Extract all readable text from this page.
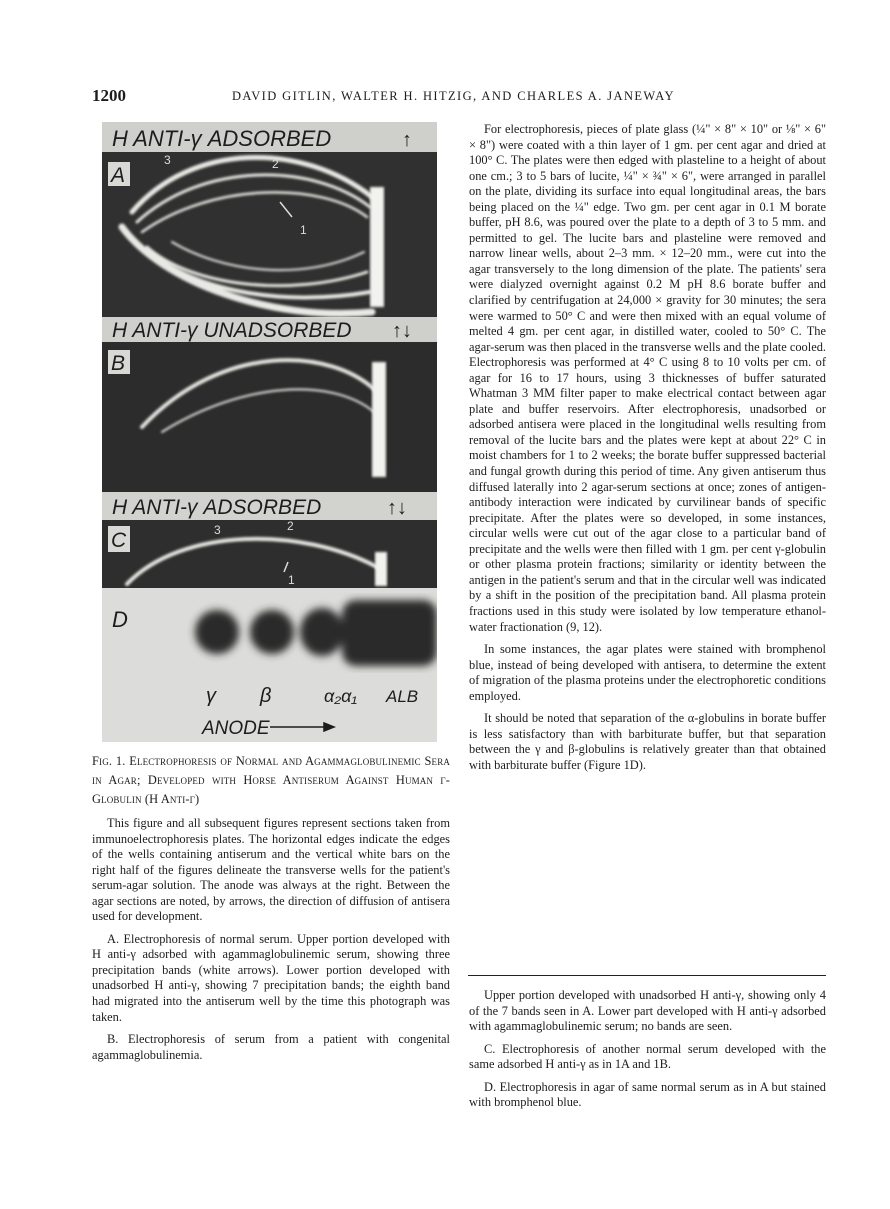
1200	DAVID GITLIN, WALTER H. HITZIG, AND CHARLES A. JANEWAY
H ANTI-γ ADSORBED	↑
H ANTI-γ UNADSORBED ↑↓
H ANTI-γ ADSORBED	↑↓
A
B
C
D
3	2
1
3	2
1
γ β	α₂α₁ ALB
ANODE
Fig. 1. Electrophoresis of Normal and Agammaglobulinemic Sera in Agar; Developed with Horse Antiserum Against Human γ-Globulin (H Anti-γ)

This figure and all subsequent figures represent sections taken from immunoelectrophoresis plates. The horizontal edges indicate the edges of the wells containing antiserum and the vertical white bars on the right half of the figures delineate the transverse wells for the patient's serum-agar solution. The anode was always at the right. Between the agar sections are noted, by arrows, the direction of diffusion of antisera used for development.

A. Electrophoresis of normal serum. Upper portion developed with H anti-γ adsorbed with agammaglobulinemic serum, showing three precipitation bands (white arrows). Lower portion developed with unadsorbed H anti-γ, showing 7 precipitation bands; the eighth band had migrated into the antiserum well by the time this photograph was taken.

B. Electrophoresis of serum from a patient with congenital agammaglobulinemia.

For electrophoresis, pieces of plate glass (¼" × 8" × 10" or ⅛" × 6" × 8") were coated with a thin layer of 1 gm. per cent agar and dried at 100° C. The plates were then edged with plasteline to a height of about one cm.; 3 to 5 bars of lucite, ¼" × ¾" × 6", were arranged in parallel on the plate, dividing its surface into equal longitudinal areas, the bars being placed on the ¼" edge. Two gm. per cent agar in 0.1 M borate buffer, pH 8.6, was poured over the plate to a depth of 3 to 5 mm. and permitted to gel. The lucite bars and plasteline were removed and narrow linear wells, about 2–3 mm. × 12–20 mm., were cut into the agar transversely to the long dimension of the plate. The patients' sera were dialyzed overnight against 0.2 M pH 8.6 borate buffer and clarified by centrifugation at 24,000 × gravity for 30 minutes; the sera were warmed to 50° C and were then mixed with an equal volume of melted 4 gm. per cent agar, in distilled water, cooled to 50° C. The agar-serum was then placed in the transverse wells and the plate cooled. Electrophoresis was performed at 4° C using 8 to 10 volts per cm. of agar for 16 to 17 hours, using 3 thicknesses of buffer saturated Whatman 3 MM filter paper to make electrical contact between agar plate and buffer reservoirs. After electrophoresis, unadsorbed or adsorbed antisera were placed in the longitudinal wells resulting from removal of the lucite bars and the plates were kept at about 22° C in moist chambers for 1 to 2 weeks; the borate buffer suppressed bacterial and fungal growth during this period of time. Any given antiserum thus diffused laterally into 2 agar-serum sections at once; zones of antigen-antibody interaction were indicated by curvilinear bands of specific precipitate. After the plates were so developed, in some instances, circular wells were cut out of the agar close to a particular band of precipitate and the wells were then filled with 1 gm. per cent γ-globulin or other plasma protein fractions; similarity or identity between the antigen in the patient's serum and that in the circular well was indicated by a shift in the position of the precipitation band. All plasma protein fractions used in this study were isolated by low temperature ethanol-water fractionation (9, 12).

In some instances, the agar plates were stained with bromphenol blue, instead of being developed with antisera, to determine the extent of migration of the plasma proteins under the electrophoretic conditions employed.

It should be noted that separation of the α-globulins in borate buffer is less satisfactory than with barbiturate buffer, but that separation between the γ and β-globulins is relatively greater than that obtained with barbiturate buffer (Figure 1D).

Upper portion developed with unadsorbed H anti-γ, showing only 4 of the 7 bands seen in A. Lower part developed with H anti-γ adsorbed with agammaglobulinemic serum; no bands are seen.

C. Electrophoresis of another normal serum developed with the same adsorbed H anti-γ as in 1A and 1B.

D. Electrophoresis in agar of same normal serum as in A but stained with bromphenol blue.
